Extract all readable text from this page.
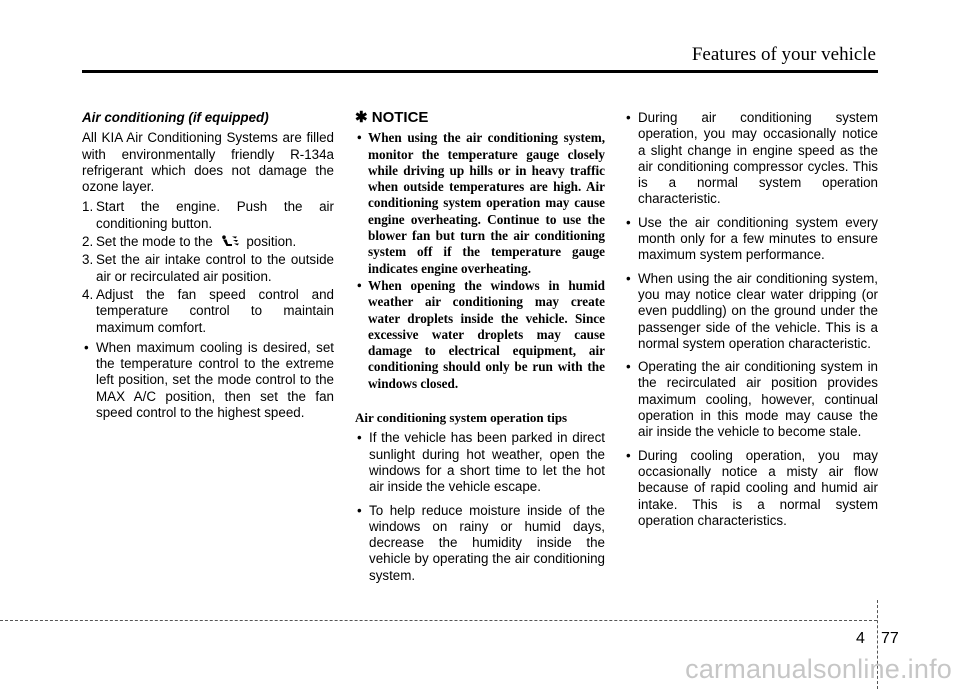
Features of your vehicle
Air conditioning (if equipped)
All KIA Air Conditioning Systems are filled with environmentally friendly R-134a refrigerant which does not damage the ozone layer.
1. Start the engine. Push the air conditioning button.
2. Set the mode to the position.
3. Set the air intake control to the outside air or recirculated air position.
4. Adjust the fan speed control and temperature control to maintain maximum comfort.
• When maximum cooling is desired, set the temperature control to the extreme left position, set the mode control to the MAX A/C position, then set the fan speed control to the highest speed.
✱ NOTICE
• When using the air conditioning system, monitor the temperature gauge closely while driving up hills or in heavy traffic when outside temperatures are high. Air conditioning system operation may cause engine overheating. Continue to use the blower fan but turn the air conditioning system off if the temperature gauge indicates engine overheating.
• When opening the windows in humid weather air conditioning may create water droplets inside the vehicle. Since excessive water droplets may cause damage to electrical equipment, air conditioning should only be run with the windows closed.
Air conditioning system operation tips
• If the vehicle has been parked in direct sunlight during hot weather, open the windows for a short time to let the hot air inside the vehicle escape.
• To help reduce moisture inside of the windows on rainy or humid days, decrease the humidity inside the vehicle by operating the air conditioning system.
• During air conditioning system operation, you may occasionally notice a slight change in engine speed as the air conditioning compressor cycles. This is a normal system operation characteristic.
• Use the air conditioning system every month only for a few minutes to ensure maximum system performance.
• When using the air conditioning system, you may notice clear water dripping (or even puddling) on the ground under the passenger side of the vehicle. This is a normal system operation characteristic.
• Operating the air conditioning system in the recirculated air position provides maximum cooling, however, continual operation in this mode may cause the air inside the vehicle to become stale.
• During cooling operation, you may occasionally notice a misty air flow because of rapid cooling and humid air intake. This is a normal system operation characteristics.
4 77
carmanualsonline.info
